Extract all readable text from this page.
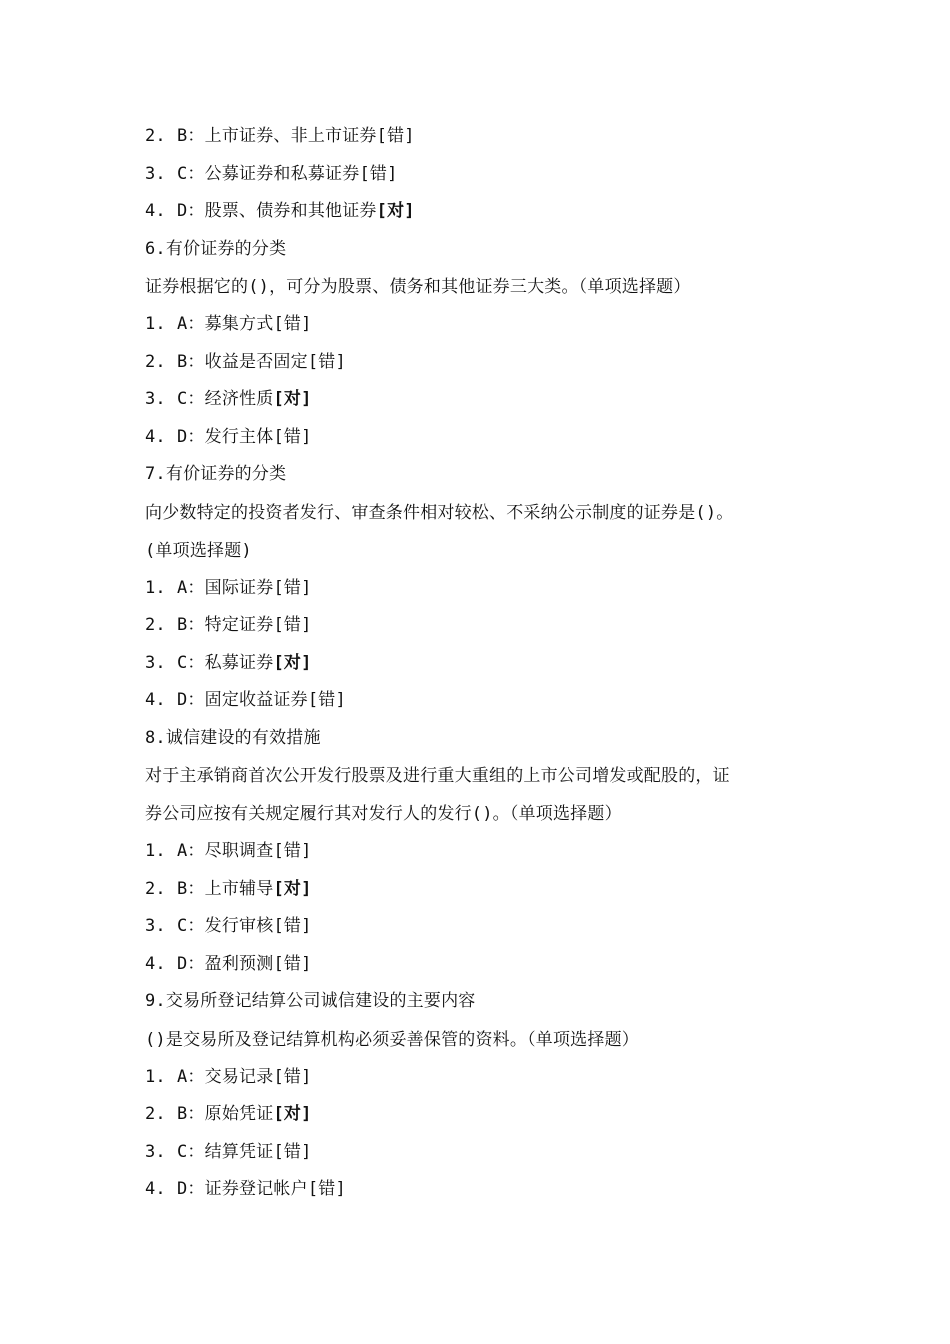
2. B：上市证券、非上市证券[错]
3. C：公募证券和私募证券[错]
4. D：股票、债券和其他证券[对]
6.有价证券的分类
证券根据它的()，可分为股票、债务和其他证券三大类。（单项选择题）
1. A：募集方式[错]
2. B：收益是否固定[错]
3. C：经济性质[对]
4. D：发行主体[错]
7.有价证券的分类
向少数特定的投资者发行、审查条件相对较松、不采纳公示制度的证券是()。
(单项选择题)
1. A：国际证券[错]
2. B：特定证券[错]
3. C：私募证券[对]
4. D：固定收益证券[错]
8.诚信建设的有效措施
对于主承销商首次公开发行股票及进行重大重组的上市公司增发或配股的，证
券公司应按有关规定履行其对发行人的发行()。（单项选择题）
1. A：尽职调查[错]
2. B：上市辅导[对]
3. C：发行审核[错]
4. D：盈利预测[错]
9.交易所登记结算公司诚信建设的主要内容
()是交易所及登记结算机构必须妥善保管的资料。（单项选择题）
1. A：交易记录[错]
2. B：原始凭证[对]
3. C：结算凭证[错]
4. D：证券登记帐户[错]
